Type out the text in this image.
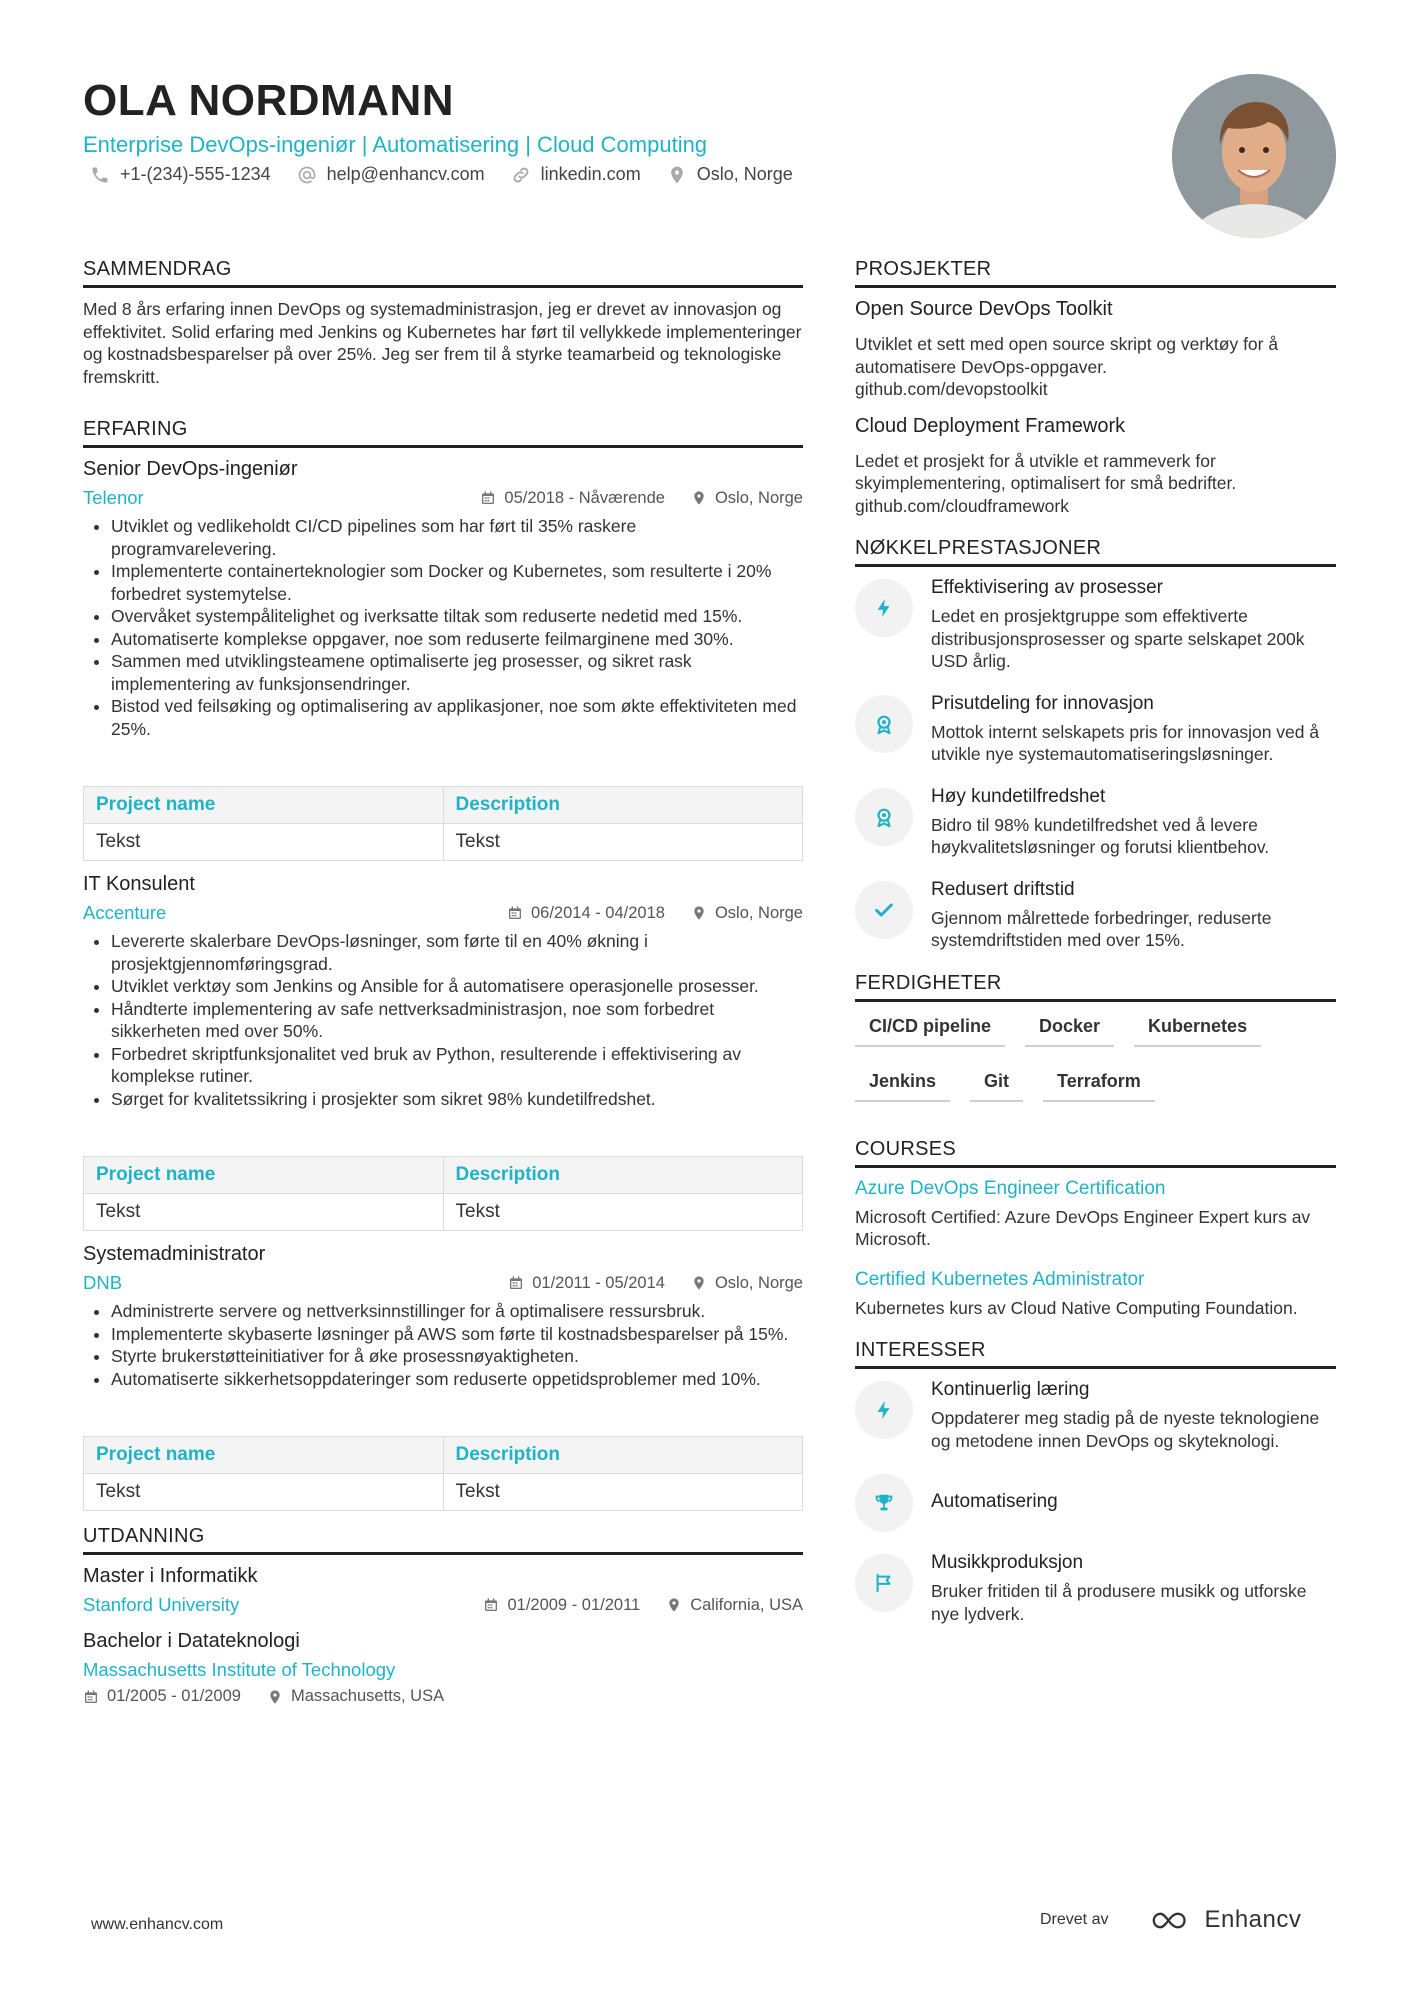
OLA NORDMANN
Enterprise DevOps-ingeniør | Automatisering | Cloud Computing
+1-(234)-555-1234	help@enhancv.com	linkedin.com	Oslo, Norge
SAMMENDRAG

Med 8 års erfaring innen DevOps og systemadministrasjon, jeg er drevet av innovasjon og effektivitet. Solid erfaring med Jenkins og Kubernetes har ført til vellykkede implementeringer og kostnadsbesparelser på over 25%. Jeg ser frem til å styrke teamarbeid og teknologiske fremskritt.

ERFARING
Senior DevOps-ingeniør
Telenor	05/2018 - Nåværende	Oslo, Norge
• Utviklet og vedlikeholdt CI/CD pipelines som har ført til 35% raskere programvarelevering.
• Implementerte containerteknologier som Docker og Kubernetes, som resulterte i 20% forbedret systemytelse.
• Overvåket systempålitelighet og iverksatte tiltak som reduserte nedetid med 15%.
• Automatiserte komplekse oppgaver, noe som reduserte feilmarginene med 30%.
• Sammen med utviklingsteamene optimaliserte jeg prosesser, og sikret rask implementering av funksjonsendringer.
• Bistod ved feilsøking og optimalisering av applikasjoner, noe som økte effektiviteten med 25%.
Project name	Description
Tekst	Tekst
IT Konsulent
Accenture	06/2014 - 04/2018	Oslo, Norge
• Levererte skalerbare DevOps-løsninger, som førte til en 40% økning i prosjektgjennomføringsgrad.
• Utviklet verktøy som Jenkins og Ansible for å automatisere operasjonelle prosesser.
• Håndterte implementering av safe nettverksadministrasjon, noe som forbedret sikkerheten med over 50%.
• Forbedret skriptfunksjonalitet ved bruk av Python, resulterende i effektivisering av komplekse rutiner.
• Sørget for kvalitetssikring i prosjekter som sikret 98% kundetilfredshet.
Project name	Description
Tekst	Tekst
Systemadministrator
DNB	01/2011 - 05/2014	Oslo, Norge
• Administrerte servere og nettverksinnstillinger for å optimalisere ressursbruk.
• Implementerte skybaserte løsninger på AWS som førte til kostnadsbesparelser på 15%.
• Styrte brukerstøtteinitiativer for å øke prosessnøyaktigheten.
• Automatiserte sikkerhetsoppdateringer som reduserte oppetidsproblemer med 10%.
Project name	Description
Tekst	Tekst
UTDANNING
Master i Informatikk
Stanford University	01/2009 - 01/2011	California, USA
Bachelor i Datateknologi
Massachusetts Institute of Technology
01/2005 - 01/2009	Massachusetts, USA
PROSJEKTER
Open Source DevOps Toolkit

Utviklet et sett med open source skript og verktøy for å automatisere DevOps-oppgaver.

github.com/devopstoolkit

Cloud Deployment Framework

Ledet et prosjekt for å utvikle et rammeverk for skyimplementering, optimalisert for små bedrifter.

github.com/cloudframework

NØKKELPRESTASJONER
Effektivisering av prosesser

Ledet en prosjektgruppe som effektiverte distribusjonsprosesser og sparte selskapet 200k USD årlig.

Prisutdeling for innovasjon

Mottok internt selskapets pris for innovasjon ved å utvikle nye systemautomatiseringsløsninger.

Høy kundetilfredshet

Bidro til 98% kundetilfredshet ved å levere høykvalitetsløsninger og forutsi klientbehov.

Redusert driftstid

Gjennom målrettede forbedringer, reduserte systemdriftstiden med over 15%.

FERDIGHETER
CI/CD pipeline	Docker	Kubernetes
Jenkins	Git	Terraform
COURSES
Azure DevOps Engineer Certification

Microsoft Certified: Azure DevOps Engineer Expert kurs av Microsoft.

Certified Kubernetes Administrator

Kubernetes kurs av Cloud Native Computing Foundation.

INTERESSER
Kontinuerlig læring

Oppdaterer meg stadig på de nyeste teknologiene og metodene innen DevOps og skyteknologi.

Automatisering
Musikkproduksjon

Bruker fritiden til å produsere musikk og utforske nye lydverk.

www.enhancv.com	Drevet av	Enhancv
